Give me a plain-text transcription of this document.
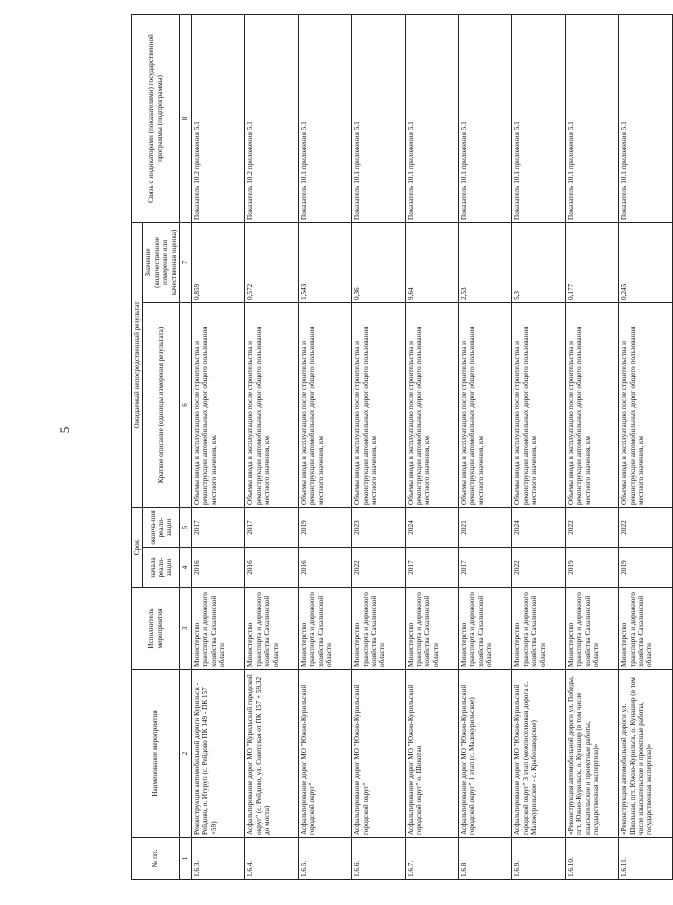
5
№ пп.	Наименование мероприятия	Исполнитель мероприятия	Срок		Ожидаемый непосредственный результат		Связь с индикаторами (показателями) государственной программы (подпрограммы)
			начала реали-зации	оконча-ния реали-зации	Краткое описание (единицы измерения результата)	Значение (количественное измерение или качественная оценка)	

1	2	3	4	5	6	7	8
1.6.3.	Реконструкция автомобильной дороги Курильск - Рейдово, о. Итуруп (с. Рейдово ПК 149 - ПК 157 +59)	Министерство транспорта и дорожного хозяйства Сахалинской области	2016	2017	Объемы ввода в эксплуатацию после строительства и реконструкции автомобильных дорог общего пользования местного значения, км.	0,859	Показатель 10.2 приложения 5.1
1.6.4.	Асфальтирование дорог МО "Курильский городской округ" (с. Рейдово, ул. Советская от ПК 157 + 59,32 до моста)	Министерство транспорта и дорожного хозяйства Сахалинской области	2016	2017	Объемы ввода в эксплуатацию после строительства и реконструкции автомобильных дорог общего пользования местного значения, км	0,572	Показатель 10.2 приложения 5.1
1.6.5.	Асфальтирование дорог МО "Южно-Курильский городской округ"	Министерство транспорта и дорожного хозяйства Сахалинской области	2016	2019	Объемы ввода в эксплуатацию после строительства и реконструкции автомобильных дорог общего пользования местного значения, км	1,543	Показатель 10.1 приложения 5.1
1.6.6.	Асфальтирование дорог МО "Южно-Курильский городской округ"	Министерство транспорта и дорожного хозяйства Сахалинской области	2022	2023	Объемы ввода в эксплуатацию после строительства и реконструкции автомобильных дорог общего пользования местного значения, км	0,36	Показатель 10.1 приложения 5.1
1.6.7.	Асфальтирование дорог МО "Южно-Курильский городской округ" о. Шикотан	Министерство транспорта и дорожного хозяйства Сахалинской области	2017	2024	Объемы ввода в эксплуатацию после строительства и реконструкции автомобильных дорог общего пользования местного значения, км	9,64	Показатель 10.1 приложения 5.1
1.6.8	Асфальтирование дорог МО "Южно-Курильский городской округ" 1 этап (с. Малокурильское)	Министерство транспорта и дорожного хозяйства Сахалинской области	2017	2021	Объемы ввода в эксплуатацию после строительства и реконструкции автомобильных дорог общего пользования местного значения, км	2,53	Показатель 10.1 приложения 5.1
1.6.9.	Асфальтирование дорог МО "Южно-Курильский городской округ" 3 этап (межпоселковая дорога с. Малокурильское - с. Крабозаводское)	Министерство транспорта и дорожного хозяйства Сахалинской области	2022	2024	Объемы ввода в эксплуатацию после строительства и реконструкции автомобильных дорог общего пользования местного значения, км	5,3	Показатель 10.1 приложения 5.1
1.6.10.	«Реконструкция автомобильной дороги ул. Победы, пгт. Южно-Курильск, о. Кунашир (в том числе изыскательские и проектные работы, государственная экспертиза)»	Министерство транспорта и дорожного хозяйства Сахалинской области	2019	2022	Объемы ввода в эксплуатацию после строительства и реконструкции автомобильных дорог общего пользования местного значения, км	0,177	Показатель 10.1 приложения 5.1
1.6.11.	«Реконструкция автомобильной дороги ул. Школьная, пгт. Южно-Курильск, о. Кунашир (в том числе изыскательские и проектные работы, государственная экспертиза)»	Министерство транспорта и дорожного хозяйства Сахалинской области	2019	2022	Объемы ввода в эксплуатацию после строительства и реконструкции автомобильных дорог общего пользования местного значения, км	0,245	Показатель 10.1 приложения 5.1
